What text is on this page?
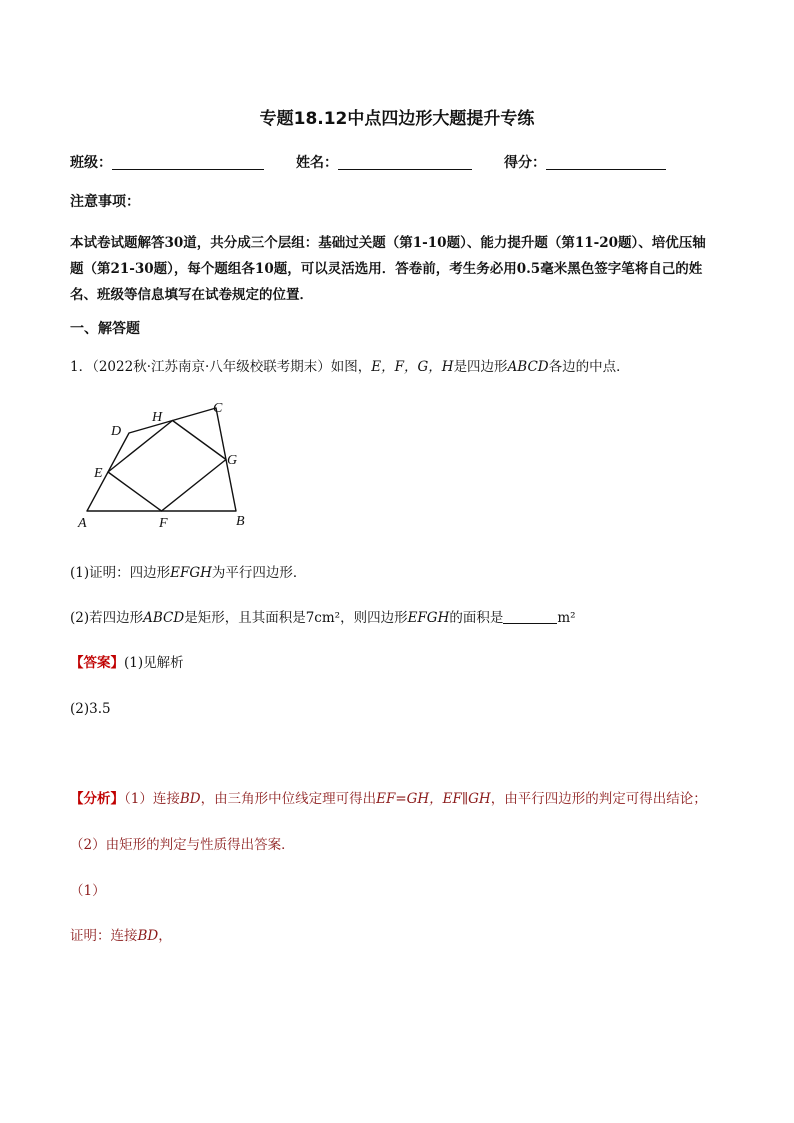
专题18.12中点四边形大题提升专练
班级：	姓名：	得分：
注意事项：
本试卷试题解答30道，共分成三个层组：基础过关题（第1-10题）、能力提升题（第11-20题）、培优压轴
题（第21-30题），每个题组各10题，可以灵活选用．答卷前，考生务必用0.5毫米黑色签字笔将自己的姓
名、班级等信息填写在试卷规定的位置．
一、解答题
1．（2022秋·江苏南京·八年级校联考期末）如图，E，F，G，H是四边形ABCD各边的中点．
A	B
C
D
E
F
G
H
(1)证明：四边形EFGH为平行四边形．
(2)若四边形ABCD是矩形，且其面积是7cm²，则四边形EFGH的面积是	m²
【答案】(1)见解析
(2)3.5
【分析】（1）连接BD，由三角形中位线定理可得出EF=GH，EF∥GH，由平行四边形的判定可得出结论；
（2）由矩形的判定与性质得出答案．
（1）
证明：连接BD，
